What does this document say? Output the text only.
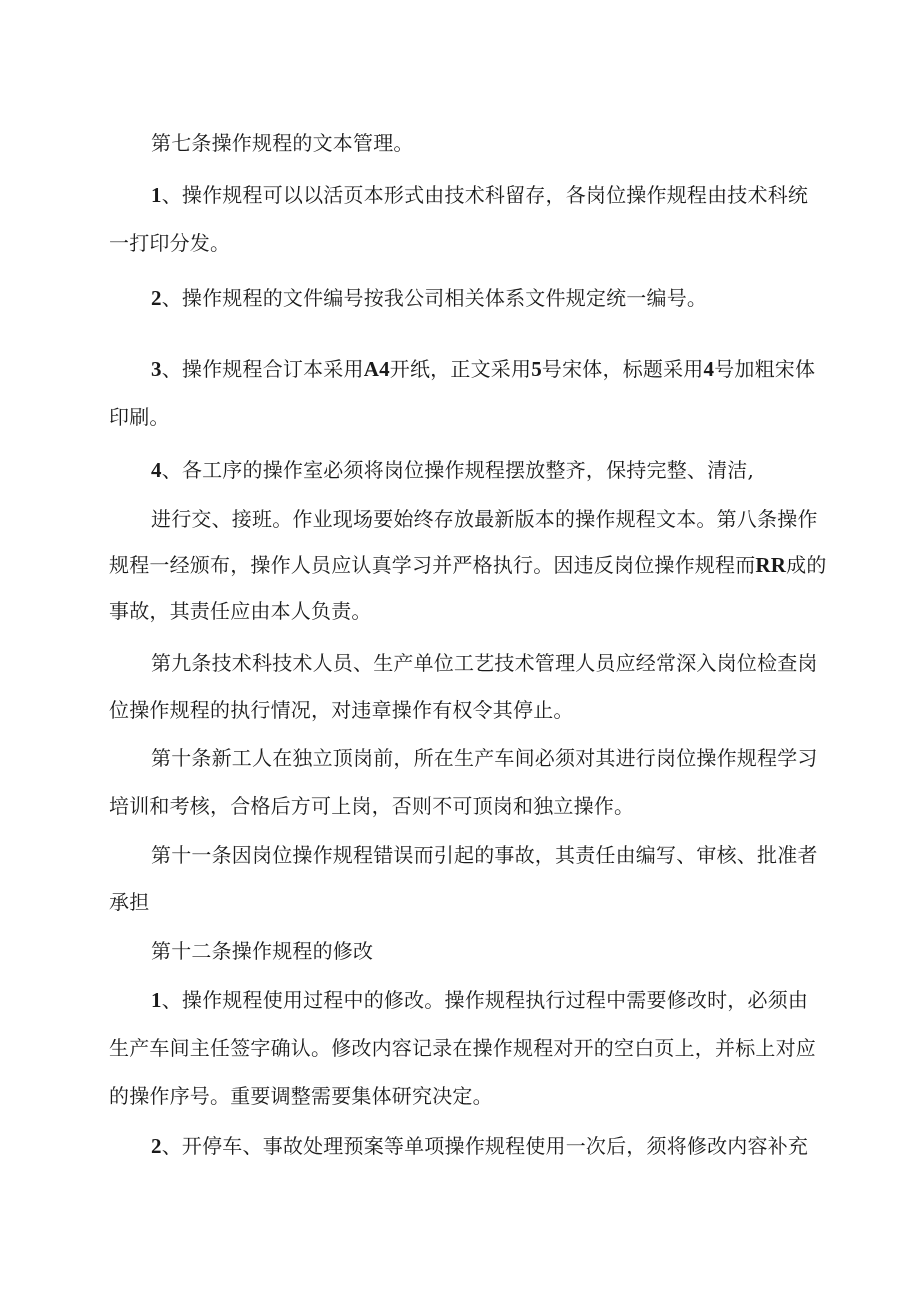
第七条操作规程的文本管理。
1、操作规程可以以活页本形式由技术科留存，各岗位操作规程由技术科统
一打印分发。
2、操作规程的文件编号按我公司相关体系文件规定统一编号。
3、操作规程合订本采用A4开纸，正文采用5号宋体，标题采用4号加粗宋体
印刷。
4、各工序的操作室必须将岗位操作规程摆放整齐，保持完整、清洁,
进行交、接班。作业现场要始终存放最新版本的操作规程文本。第八条操作
规程一经颁布，操作人员应认真学习并严格执行。因违反岗位操作规程而RR成的
事故，其责任应由本人负责。
第九条技术科技术人员、生产单位工艺技术管理人员应经常深入岗位检查岗
位操作规程的执行情况，对违章操作有权令其停止。
第十条新工人在独立顶岗前，所在生产车间必须对其进行岗位操作规程学习
培训和考核，合格后方可上岗，否则不可顶岗和独立操作。
第十一条因岗位操作规程错误而引起的事故，其责任由编写、审核、批准者
承担
第十二条操作规程的修改
1、操作规程使用过程中的修改。操作规程执行过程中需要修改时，必须由
生产车间主任签字确认。修改内容记录在操作规程对开的空白页上，并标上对应
的操作序号。重要调整需要集体研究决定。
2、开停车、事故处理预案等单项操作规程使用一次后，须将修改内容补充
